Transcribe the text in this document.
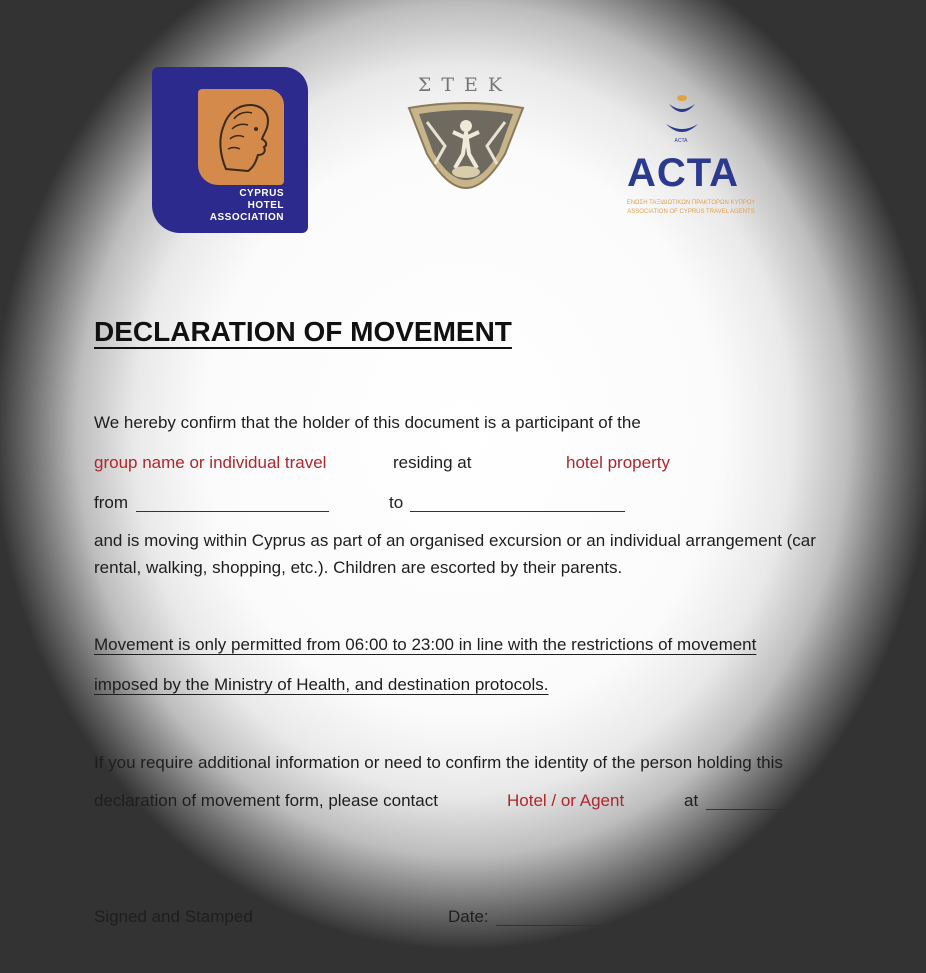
CYPRUS
HOTEL
ASSOCIATION
ΣΤΕΚ
ACTA
ACTA
ΕΝΩΣΗ ΤΑΞΙΔΙΩΤΙΚΩΝ ΠΡΑΚΤΟΡΩΝ ΚΥΠΡΟΥ
ASSOCIATION OF CYPRUS TRAVEL AGENTS
DECLARATION OF MOVEMENT
We hereby confirm that the holder of this document is a participant of the
group name or individual travel	residing at	hotel property
from	to
and is moving within Cyprus as part of an organised excursion or an individual arrangement (car
rental, walking, shopping, etc.). Children are escorted by their parents.
Movement is only permitted from 06:00 to 23:00 in line with the restrictions of movement
imposed by the Ministry of Health, and destination protocols.
If you require additional information or need to confirm the identity of the person holding this
declaration of movement form, please contact	Hotel / or Agent	at
Signed and Stamped	Date:
